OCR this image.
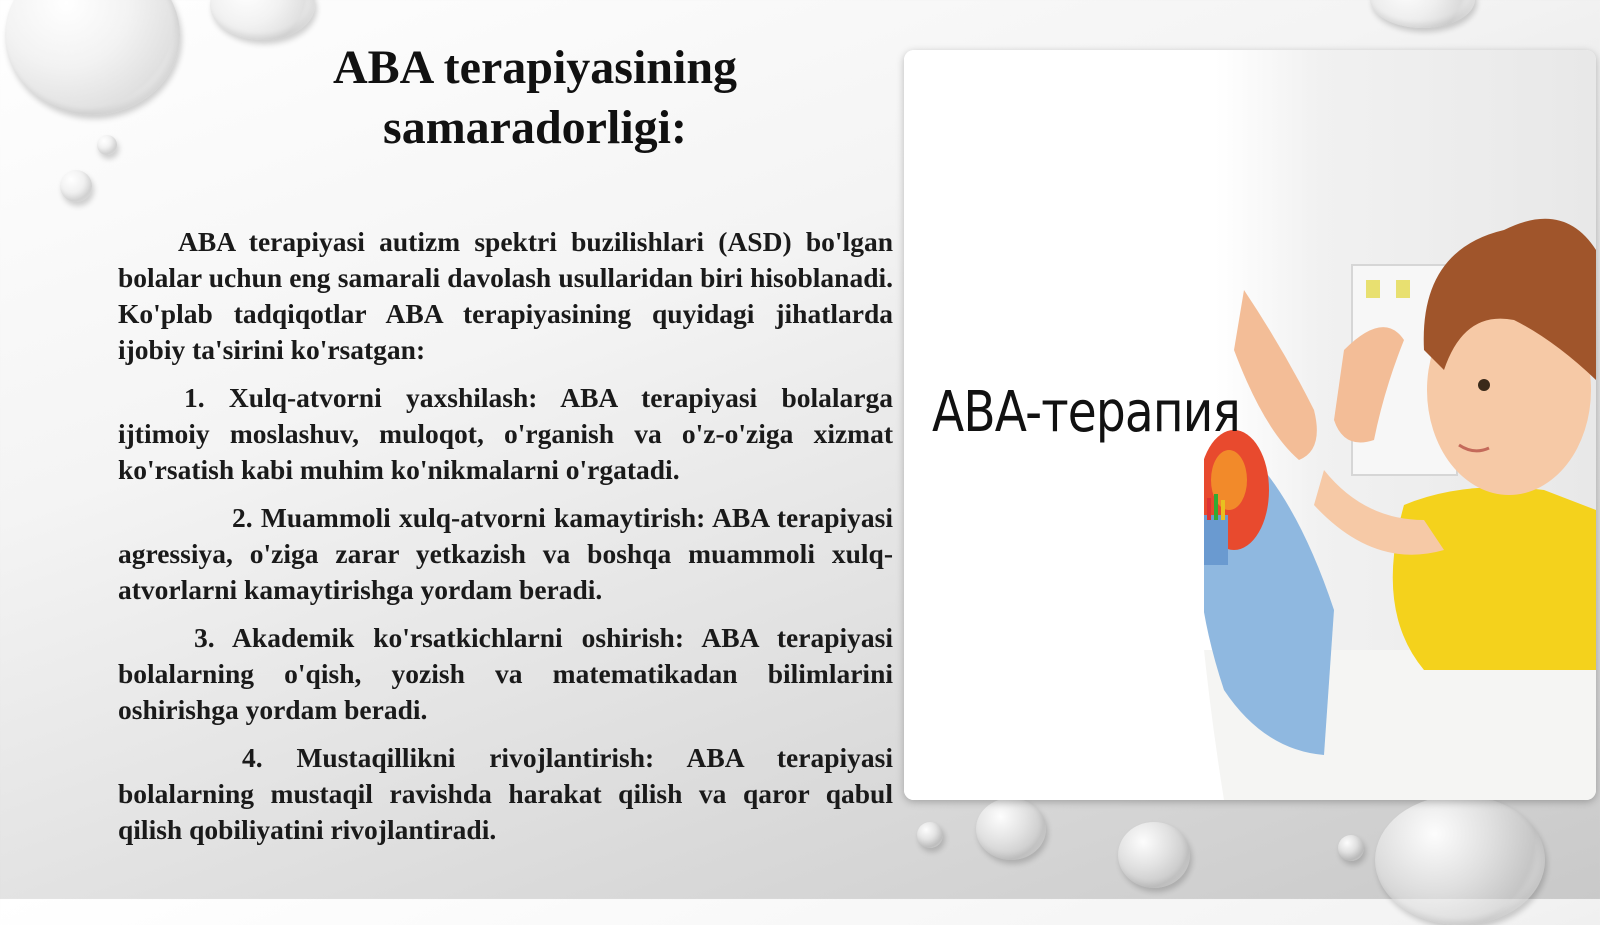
ABA terapiyasining
samaradorligi:

ABA terapiyasi autizm spektri buzilishlari (ASD) bo'lgan bolalar uchun eng samarali davolash usullaridan biri hisoblanadi. Ko'plab tadqiqotlar ABA terapiyasining quyidagi jihatlarda ijobiy ta'sirini ko'rsatgan:

1. Xulq-atvorni yaxshilash: ABA terapiyasi bolalarga ijtimoiy moslashuv, muloqot, o'rganish va o'z-o'ziga xizmat ko'rsatish kabi muhim ko'nikmalarni o'rgatadi.

2. Muammoli xulq-atvorni kamaytirish: ABA terapiyasi agressiya, o'ziga zarar yetkazish va boshqa muammoli xulq-atvorlarni kamaytirishga yordam beradi.

3. Akademik ko'rsatkichlarni oshirish: ABA terapiyasi bolalarning o'qish, yozish va matematikadan bilimlarini oshirishga yordam beradi.

4. Mustaqillikni rivojlantirish: ABA terapiyasi bolalarning mustaqil ravishda harakat qilish va qaror qabul qilish qobiliyatini rivojlantiradi.

ABA-терапия
